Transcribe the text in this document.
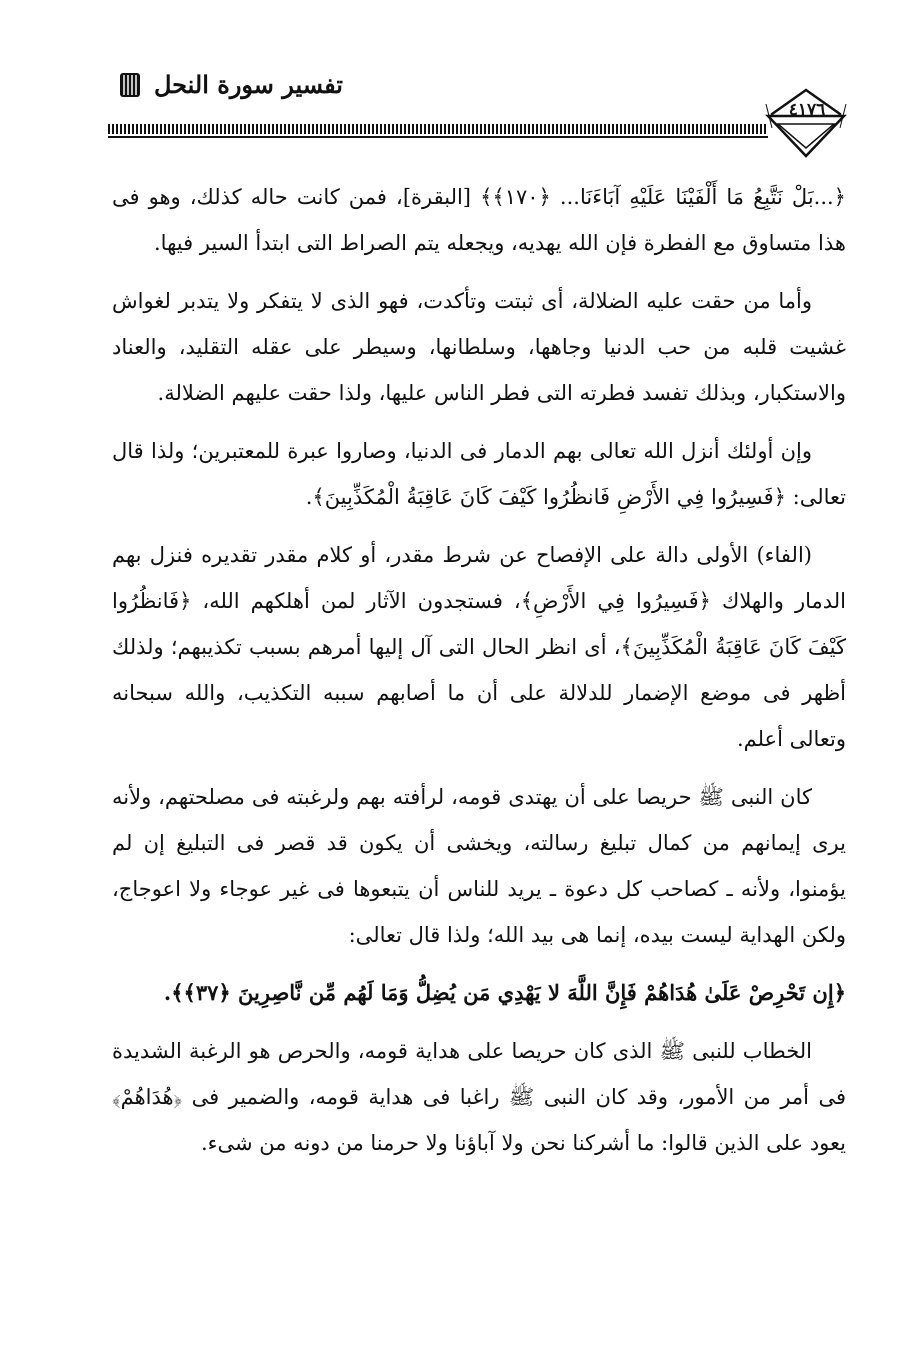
تفسير سورة النحل
٤١٧٦

﴿...بَلْ نَتَّبِعُ مَا أَلْفَيْنَا عَلَيْهِ آبَاءَنَا... ﴿١٧٠﴾﴾ [البقرة]، فمن كانت حاله كذلك، وهو فى هذا متساوق مع الفطرة فإن الله يهديه، ويجعله يتم الصراط التى ابتدأ السير فيها.

وأما من حقت عليه الضلالة، أى ثبتت وتأكدت، فهو الذى لا يتفكر ولا يتدبر لغواش غشيت قلبه من حب الدنيا وجاهها، وسلطانها، وسيطر على عقله التقليد، والعناد والاستكبار، وبذلك تفسد فطرته التى فطر الناس عليها، ولذا حقت عليهم الضلالة.

وإن أولئك أنزل الله تعالى بهم الدمار فى الدنيا، وصاروا عبرة للمعتبرين؛ ولذا قال تعالى: ﴿فَسِيرُوا فِي الأَرْضِ فَانظُرُوا كَيْفَ كَانَ عَاقِبَةُ الْمُكَذِّبِينَ﴾.

(الفاء) الأولى دالة على الإفصاح عن شرط مقدر، أو كلام مقدر تقديره فنزل بهم الدمار والهلاك ﴿فَسِيرُوا فِي الأَرْضِ﴾، فستجدون الآثار لمن أهلكهم الله، ﴿فَانظُرُوا كَيْفَ كَانَ عَاقِبَةُ الْمُكَذِّبِينَ﴾، أى انظر الحال التى آل إليها أمرهم بسبب تكذيبهم؛ ولذلك أظهر فى موضع الإضمار للدلالة على أن ما أصابهم سببه التكذيب، والله سبحانه وتعالى أعلم.

كان النبى ﷺ حريصا على أن يهتدى قومه، لرأفته بهم ولرغبته فى مصلحتهم، ولأنه يرى إيمانهم من كمال تبليغ رسالته، ويخشى أن يكون قد قصر فى التبليغ إن لم يؤمنوا، ولأنه ـ كصاحب كل دعوة ـ يريد للناس أن يتبعوها فى غير عوجاء ولا اعوجاج، ولكن الهداية ليست بيده، إنما هى بيد الله؛ ولذا قال تعالى:

﴿إِن تَحْرِصْ عَلَىٰ هُدَاهُمْ فَإِنَّ اللَّهَ لا يَهْدِي مَن يُضِلُّ وَمَا لَهُم مِّن نَّاصِرِينَ ﴿٣٧﴾﴾.

الخطاب للنبى ﷺ الذى كان حريصا على هداية قومه، والحرص هو الرغبة الشديدة فى أمر من الأمور، وقد كان النبى ﷺ راغبا فى هداية قومه، والضمير فى ﴿هُدَاهُمْ﴾ يعود على الذين قالوا: ما أشركنا نحن ولا آباؤنا ولا حرمنا من دونه من شىء.
